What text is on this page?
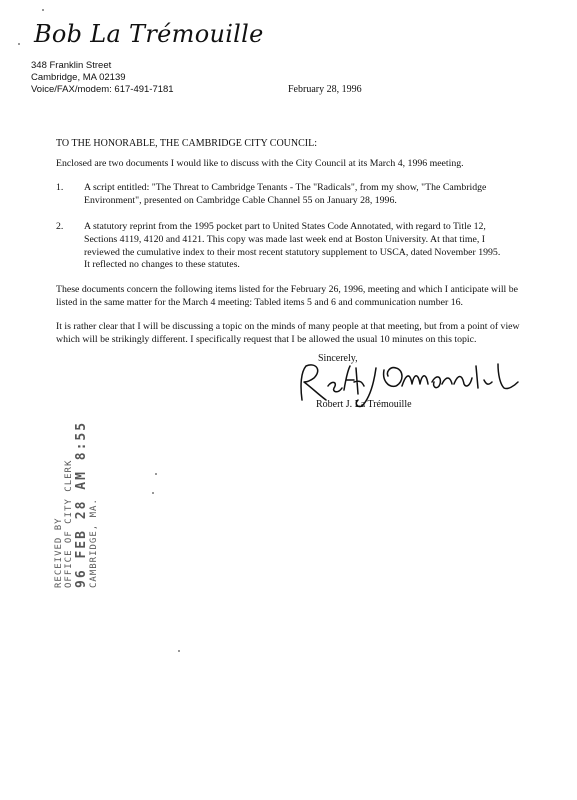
Bob La Trémouille
348 Franklin Street
Cambridge, MA 02139
Voice/FAX/modem: 617-491-7181	February 28, 1996
TO THE HONORABLE, THE CAMBRIDGE CITY COUNCIL:

Enclosed are two documents I would like to discuss with the City Council at its March 4, 1996 meeting.

1. A script entitled: "The Threat to Cambridge Tenants - The "Radicals", from my show, "The Cambridge Environment", presented on Cambridge Cable Channel 55 on January 28, 1996.
2. A statutory reprint from the 1995 pocket part to United States Code Annotated, with regard to Title 12, Sections 4119, 4120 and 4121. This copy was made last week end at Boston University. At that time, I reviewed the cumulative index to their most recent statutory supplement to USCA, dated November 1995. It reflected no changes to these statutes.

These documents concern the following items listed for the February 26, 1996, meeting and which I anticipate will be listed in the same matter for the March 4 meeting: Tabled items 5 and 6 and communication number 16.

It is rather clear that I will be discussing a topic on the minds of many people at that meeting, but from a point of view which will be strikingly different. I specifically request that I be allowed the usual 10 minutes on this topic.

Sincerely,
Robert J. La Trémouille
RECEIVED BY OFFICE OF CITY CLERK 96 FEB 28 AM 8:55 CAMBRIDGE, MA.
